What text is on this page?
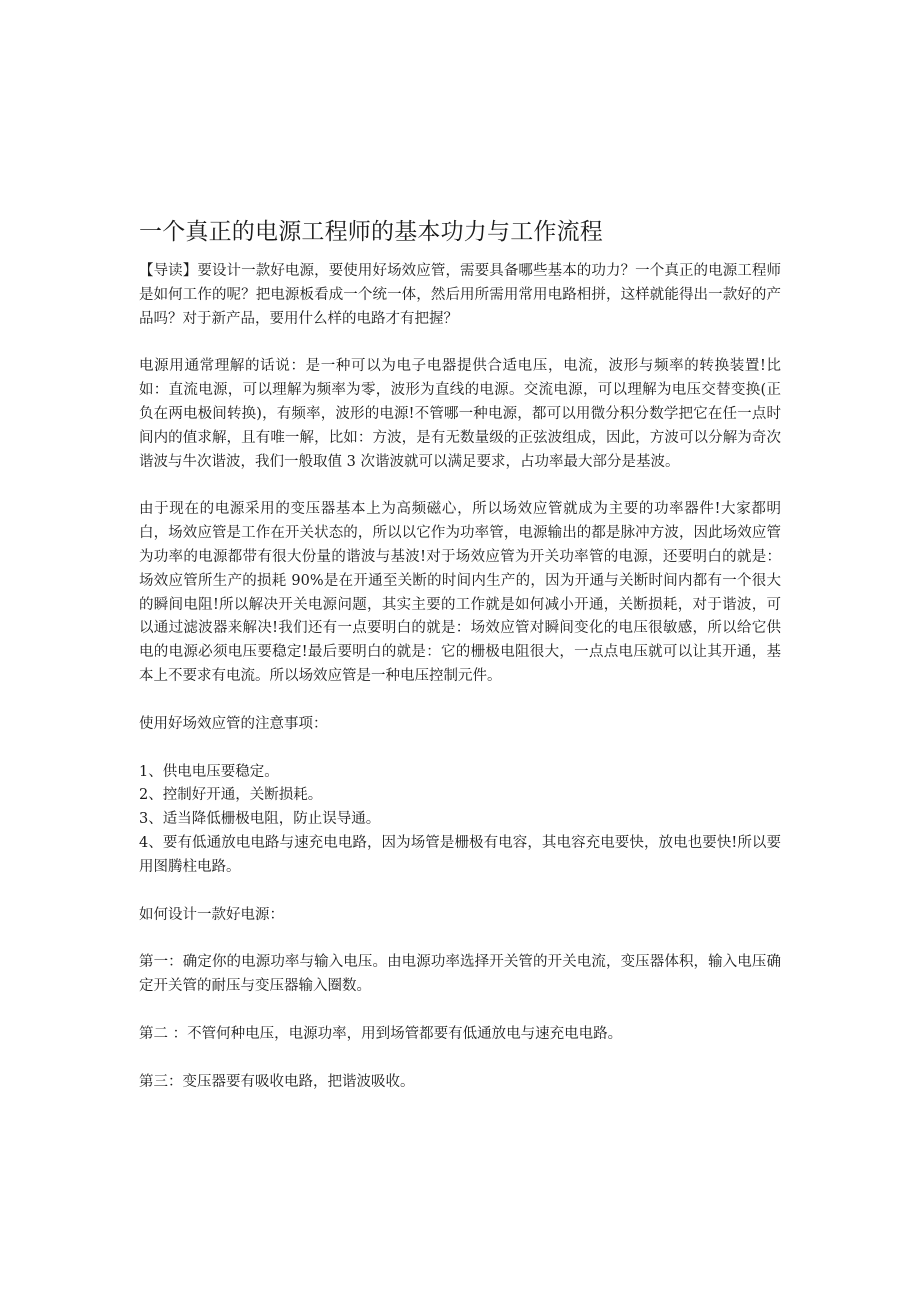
一个真正的电源工程师的基本功力与工作流程

【导读】要设计一款好电源，要使用好场效应管，需要具备哪些基本的功力？一个真正的电源工程师是如何工作的呢？把电源板看成一个统一体，然后用所需用常用电路相拼，这样就能得出一款好的产品吗？对于新产品，要用什么样的电路才有把握？

电源用通常理解的话说：是一种可以为电子电器提供合适电压，电流，波形与频率的转换装置!比如：直流电源，可以理解为频率为零，波形为直线的电源。交流电源，可以理解为电压交替变换(正负在两电极间转换)，有频率，波形的电源!不管哪一种电源，都可以用微分积分数学把它在任一点时间内的值求解，且有唯一解，比如：方波，是有无数量级的正弦波组成，因此，方波可以分解为奇次谐波与牛次谐波，我们一般取值 3 次谐波就可以满足要求，占功率最大部分是基波。

由于现在的电源采用的变压器基本上为高频磁心，所以场效应管就成为主要的功率器件!大家都明白，场效应管是工作在开关状态的，所以以它作为功率管，电源输出的都是脉冲方波，因此场效应管为功率的电源都带有很大份量的谐波与基波!对于场效应管为开关功率管的电源，还要明白的就是：场效应管所生产的损耗 90%是在开通至关断的时间内生产的，因为开通与关断时间内都有一个很大的瞬间电阻!所以解决开关电源问题，其实主要的工作就是如何减小开通，关断损耗，对于谐波，可以通过滤波器来解决!我们还有一点要明白的就是：场效应管对瞬间变化的电压很敏感，所以给它供电的电源必须电压要稳定!最后要明白的就是：它的栅极电阻很大，一点点电压就可以让其开通，基本上不要求有电流。所以场效应管是一种电压控制元件。

使用好场效应管的注意事项：

1、供电电压要稳定。
2、控制好开通，关断损耗。
3、适当降低栅极电阻，防止误导通。
4、要有低通放电电路与速充电电路，因为场管是栅极有电容，其电容充电要快，放电也要快!所以要用图腾柱电路。

如何设计一款好电源：

第一：确定你的电源功率与输入电压。由电源功率选择开关管的开关电流，变压器体积，输入电压确定开关管的耐压与变压器输入圈数。

第二 ：不管何种电压，电源功率，用到场管都要有低通放电与速充电电路。

第三：变压器要有吸收电路，把谐波吸收。
